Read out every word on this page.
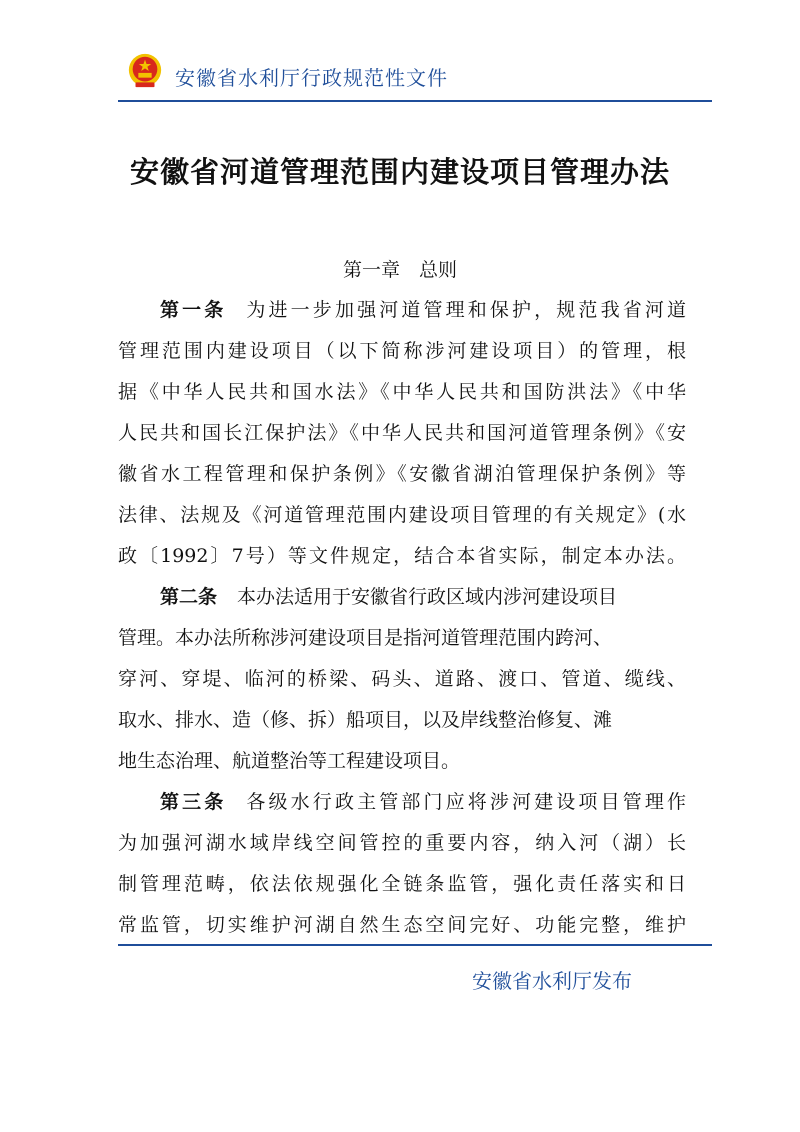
安徽省水利厅行政规范性文件
安徽省河道管理范围内建设项目管理办法
第一章　总则
第一条 为进一步加强河道管理和保护，规范我省河道
管理范围内建设项目（以下简称涉河建设项目）的管理，根
据《中华人民共和国水法》《中华人民共和国防洪法》《中华
人民共和国长江保护法》《中华人民共和国河道管理条例》《安
徽省水工程管理和保护条例》《安徽省湖泊管理保护条例》等
法律、法规及《河道管理范围内建设项目管理的有关规定》(水
政〔1992〕7号）等文件规定，结合本省实际，制定本办法。
第二条 本办法适用于安徽省行政区域内涉河建设项目
管理。本办法所称涉河建设项目是指河道管理范围内跨河、
穿河、穿堤、临河的桥梁、码头、道路、渡口、管道、缆线、
取水、排水、造（修、拆）船项目，以及岸线整治修复、滩
地生态治理、航道整治等工程建设项目。
第三条 各级水行政主管部门应将涉河建设项目管理作
为加强河湖水域岸线空间管控的重要内容，纳入河（湖）长
制管理范畴，依法依规强化全链条监管，强化责任落实和日
常监管，切实维护河湖自然生态空间完好、功能完整，维护
安徽省水利厅发布
